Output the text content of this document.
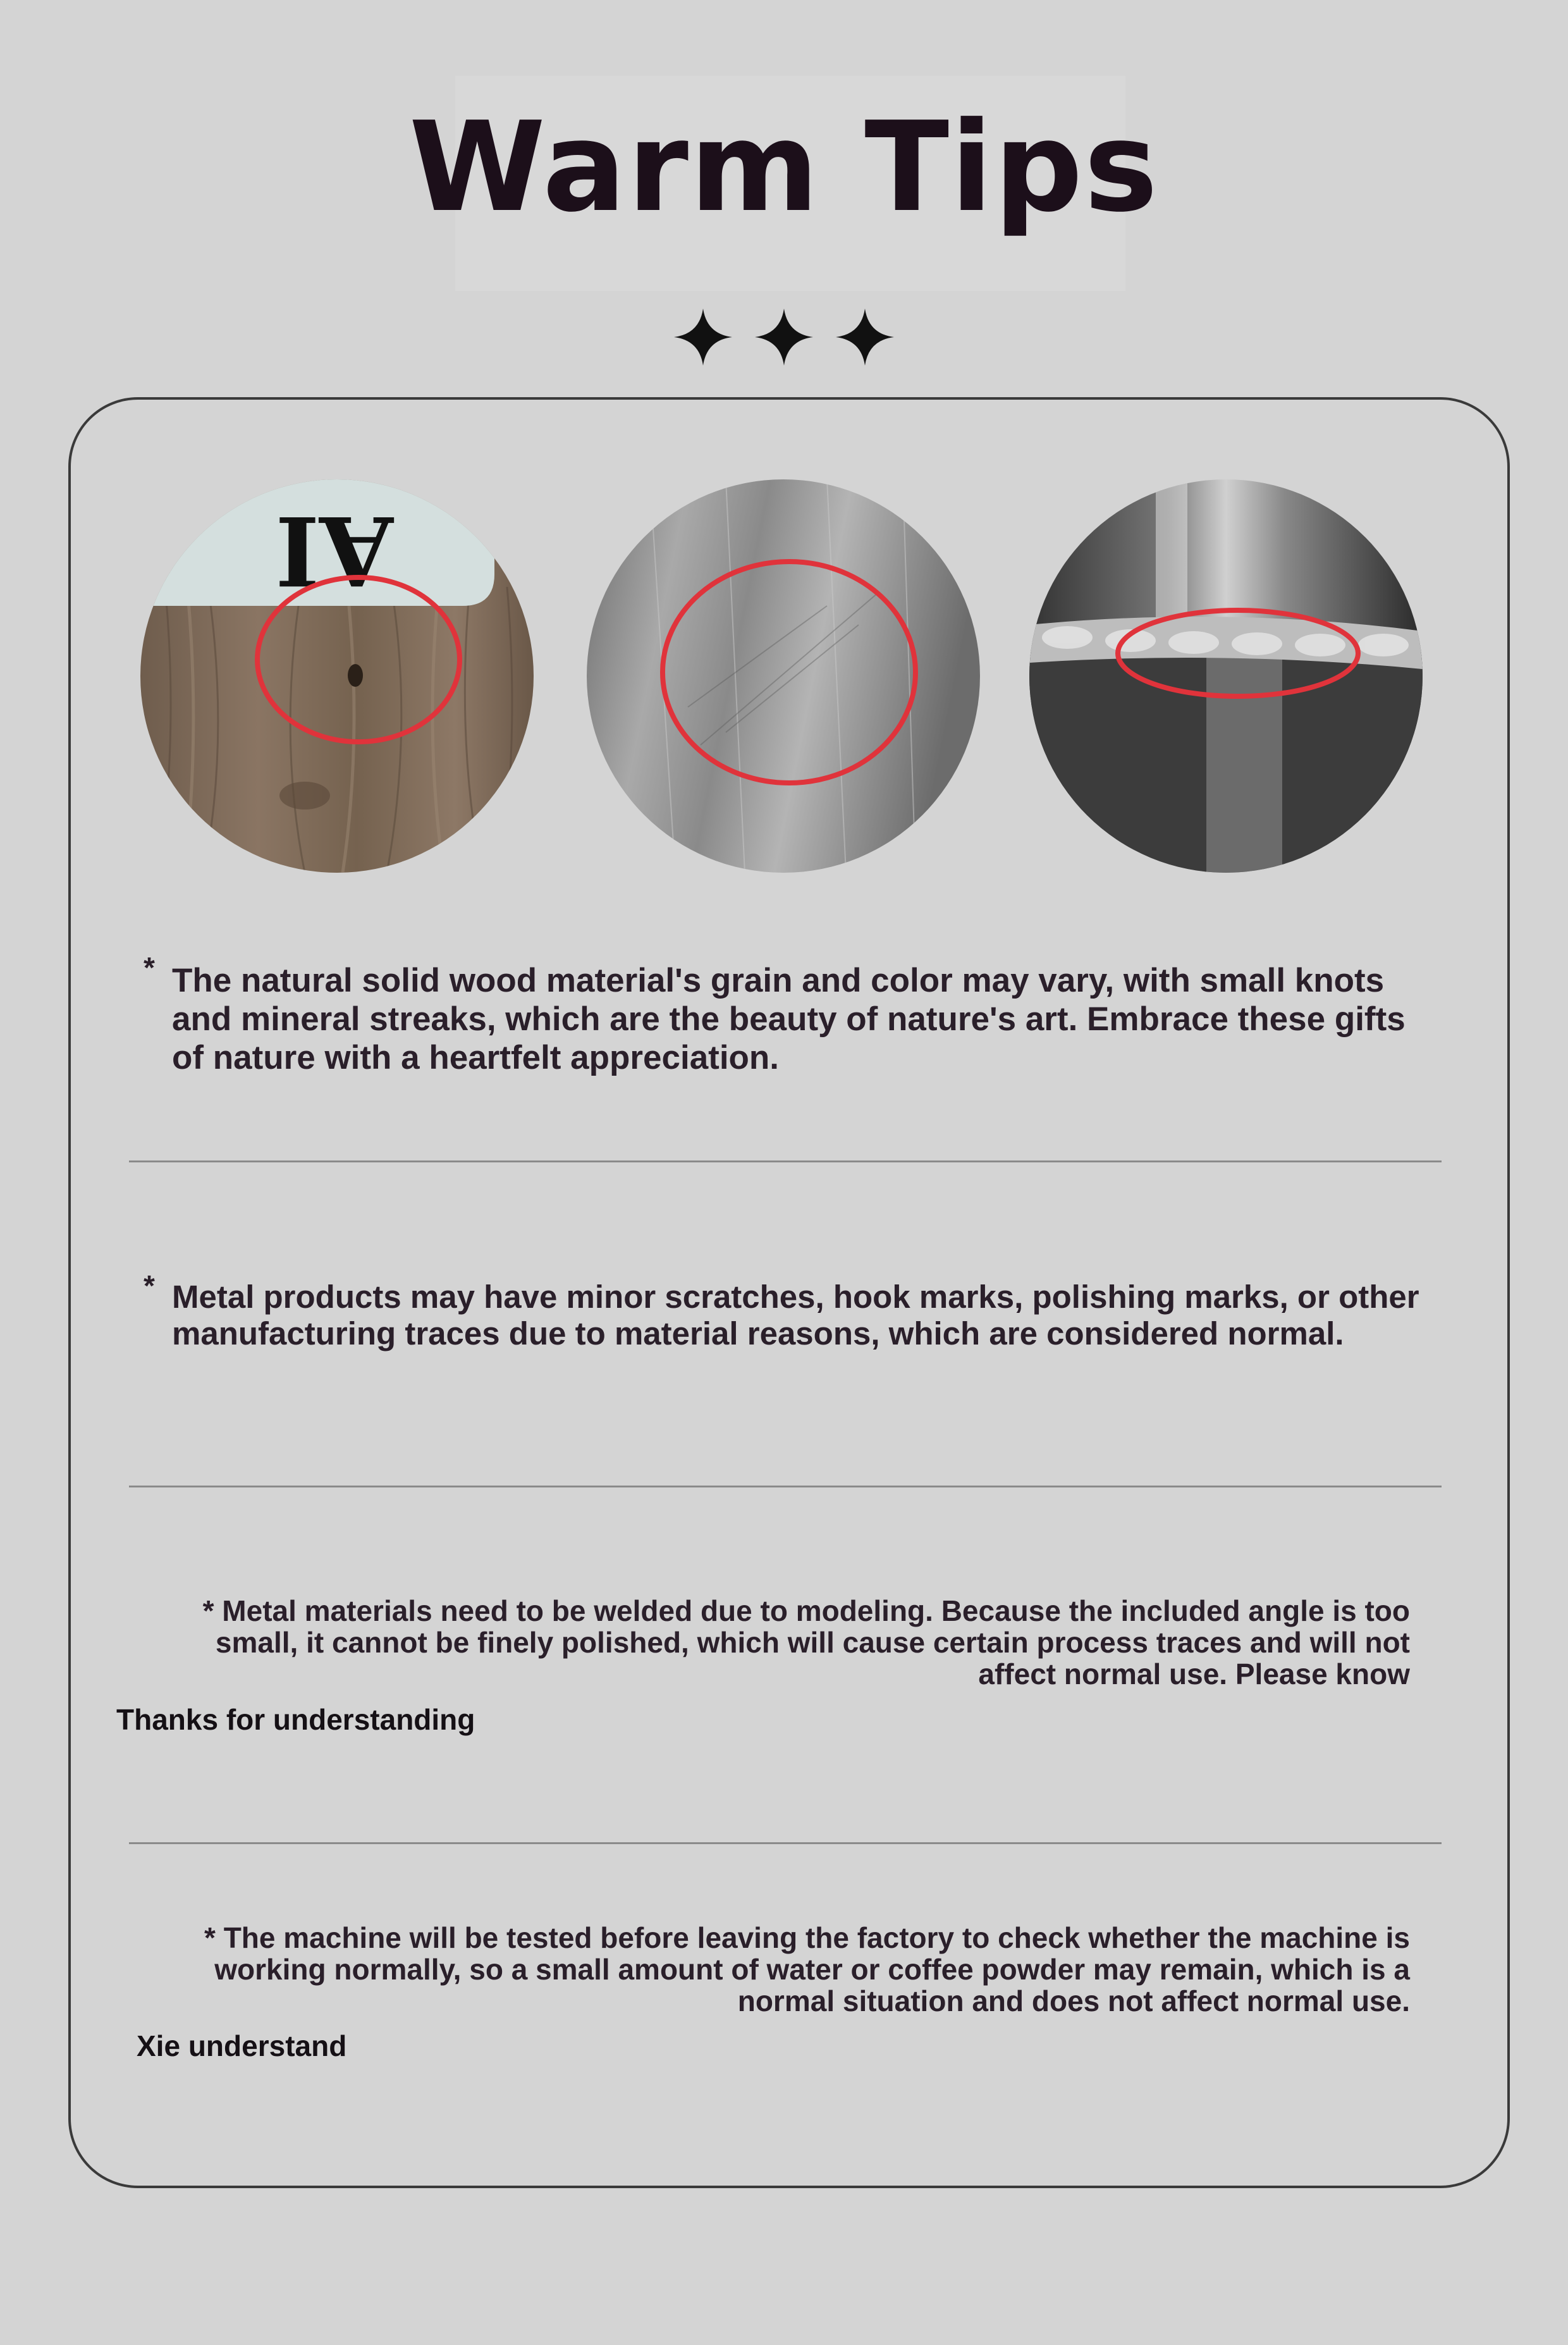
Warm Tips
AI
* The natural solid wood material's grain and color may vary, with small knots and mineral streaks, which are the beauty of nature's art. Embrace these gifts of nature with a heartfelt appreciation.
* Metal products may have minor scratches, hook marks, polishing marks, or other manufacturing traces due to material reasons, which are considered normal.
* Metal materials need to be welded due to modeling. Because the included angle is too small, it cannot be finely polished, which will cause certain process traces and will not affect normal use. Please know
Thanks for understanding
* The machine will be tested before leaving the factory to check whether the machine is working normally, so a small amount of water or coffee powder may remain, which is a normal situation and does not affect normal use.
Xie understand
